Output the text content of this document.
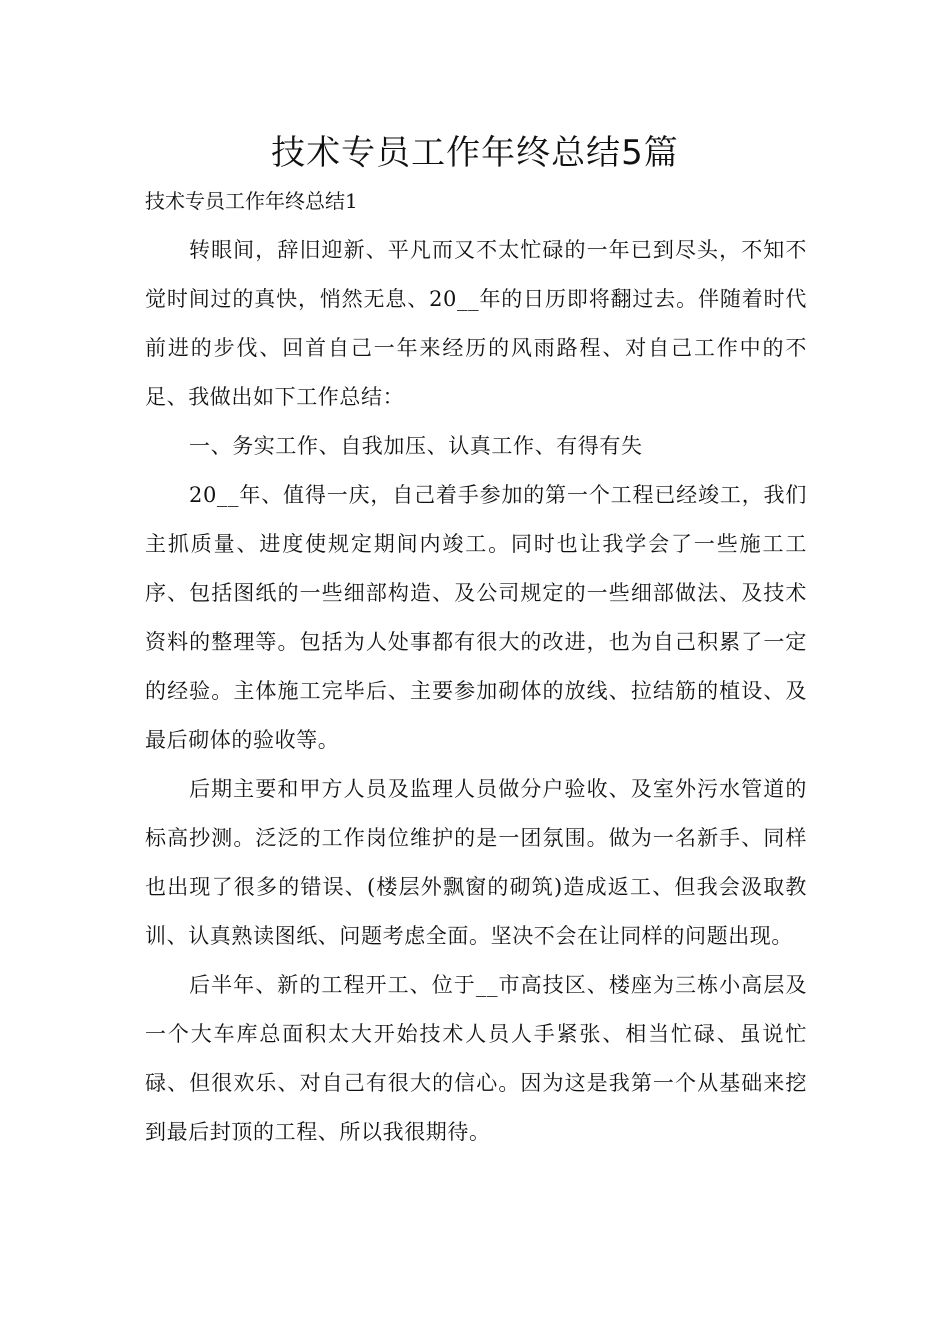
技术专员工作年终总结5篇

技术专员工作年终总结1

转眼间，辞旧迎新、平凡而又不太忙碌的一年已到尽头，不知不觉时间过的真快，悄然无息、20__年的日历即将翻过去。伴随着时代前进的步伐、回首自己一年来经历的风雨路程、对自己工作中的不足、我做出如下工作总结：

一、务实工作、自我加压、认真工作、有得有失

20__年、值得一庆，自己着手参加的第一个工程已经竣工，我们主抓质量、进度使规定期间内竣工。同时也让我学会了一些施工工序、包括图纸的一些细部构造、及公司规定的一些细部做法、及技术资料的整理等。包括为人处事都有很大的改进，也为自己积累了一定的经验。主体施工完毕后、主要参加砌体的放线、拉结筋的植设、及最后砌体的验收等。

后期主要和甲方人员及监理人员做分户验收、及室外污水管道的标高抄测。泛泛的工作岗位维护的是一团氛围。做为一名新手、同样也出现了很多的错误、(楼层外飘窗的砌筑)造成返工、但我会汲取教训、认真熟读图纸、问题考虑全面。坚决不会在让同样的问题出现。

后半年、新的工程开工、位于__市高技区、楼座为三栋小高层及一个大车库总面积太大开始技术人员人手紧张、相当忙碌、虽说忙碌、但很欢乐、对自己有很大的信心。因为这是我第一个从基础来挖到最后封顶的工程、所以我很期待。
